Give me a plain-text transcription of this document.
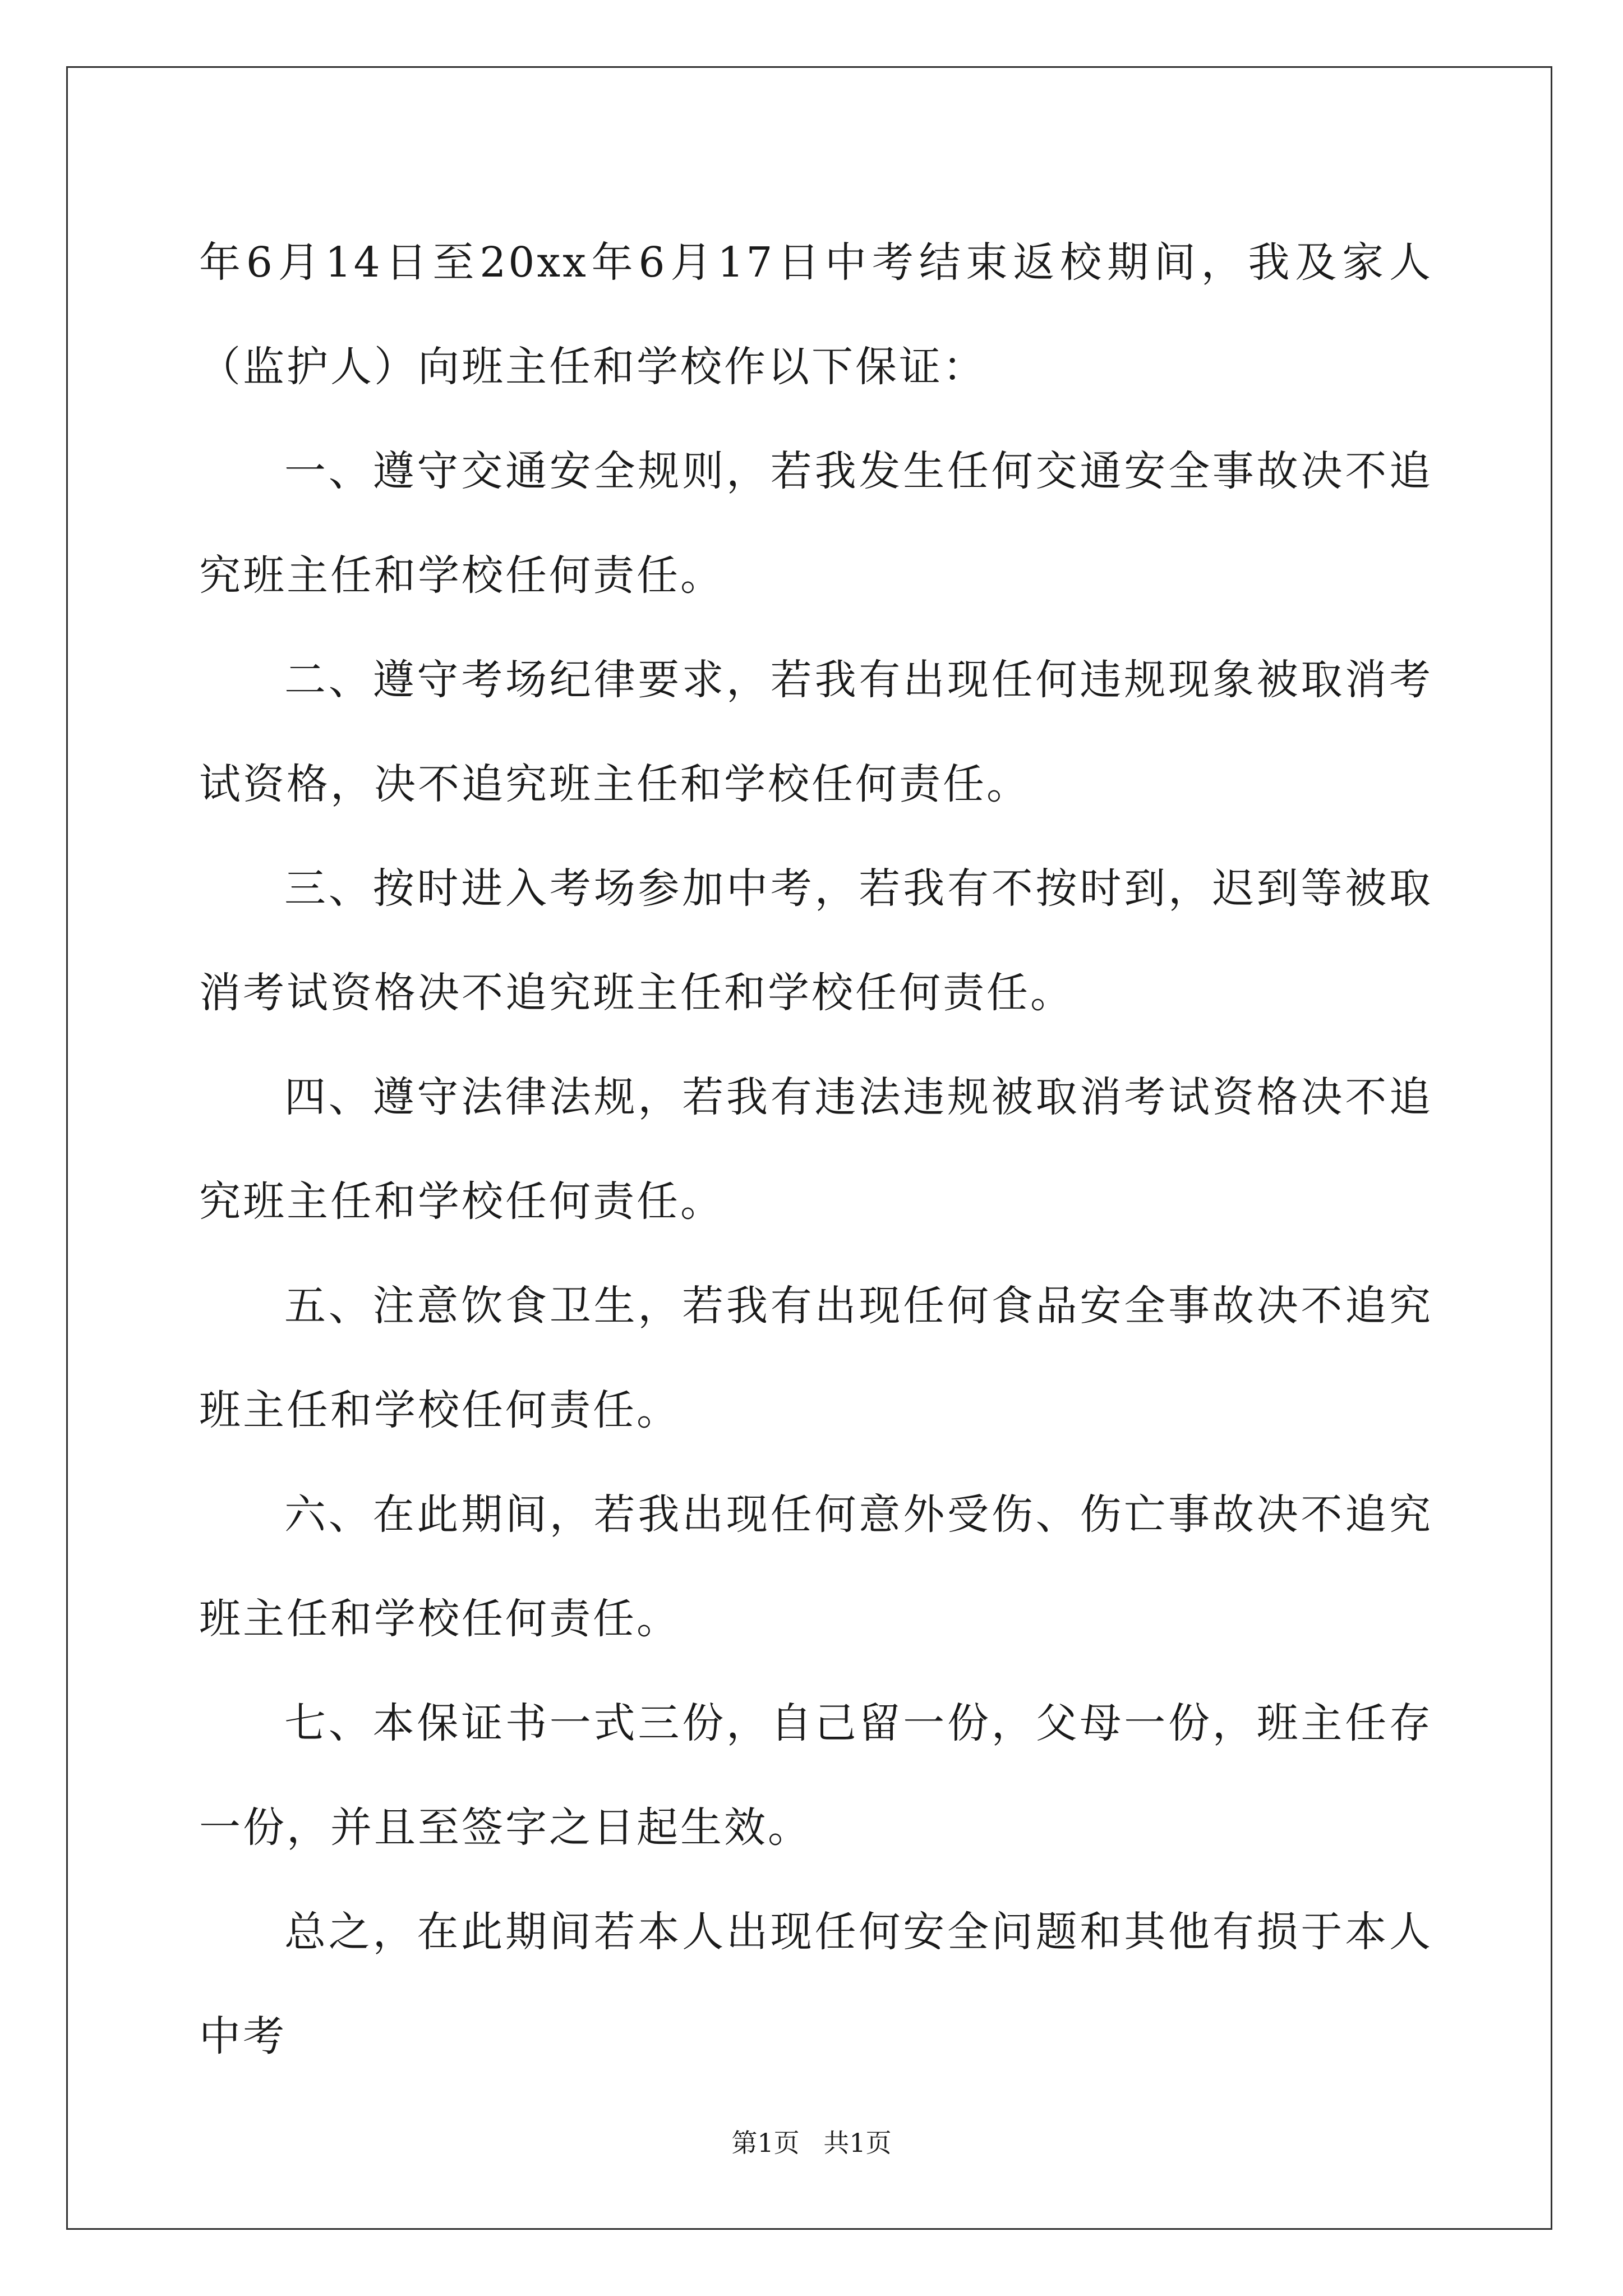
年6月14日至20xx年6月17日中考结束返校期间，我及家人（监护人）向班主任和学校作以下保证：

一、遵守交通安全规则，若我发生任何交通安全事故决不追究班主任和学校任何责任。

二、遵守考场纪律要求，若我有出现任何违规现象被取消考试资格，决不追究班主任和学校任何责任。

三、按时进入考场参加中考，若我有不按时到，迟到等被取消考试资格决不追究班主任和学校任何责任。

四、遵守法律法规，若我有违法违规被取消考试资格决不追究班主任和学校任何责任。

五、注意饮食卫生，若我有出现任何食品安全事故决不追究班主任和学校任何责任。

六、在此期间，若我出现任何意外受伤、伤亡事故决不追究班主任和学校任何责任。

七、本保证书一式三份，自己留一份，父母一份，班主任存一份，并且至签字之日起生效。

总之，在此期间若本人出现任何安全问题和其他有损于本人中考

第1页 共1页
